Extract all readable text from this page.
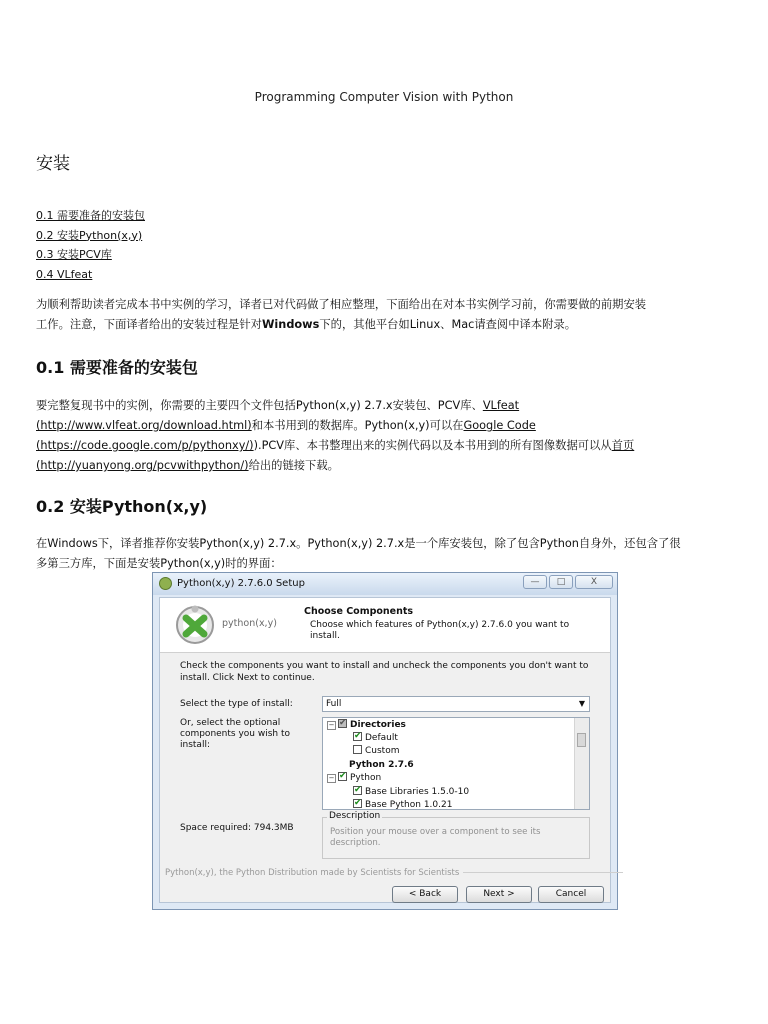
Programming Computer Vision with Python
安装
0.1 需要准备的安装包
0.2 安装Python(x,y)
0.3 安装PCV库
0.4 VLfeat
为顺利帮助读者完成本书中实例的学习，译者已对代码做了相应整理，下面给出在对本书实例学习前，你需要做的前期安装
工作。注意，下面译者给出的安装过程是针对Windows下的，其他平台如Linux、Mac请查阅中译本附录。
0.1 需要准备的安装包
要完整复现书中的实例，你需要的主要四个文件包括Python(x,y) 2.7.x安装包、PCV库、VLfeat
(http://www.vlfeat.org/download.html)和本书用到的数据库。Python(x,y)可以在Google Code
(https://code.google.com/p/pythonxy/)).PCV库、本书整理出来的实例代码以及本书用到的所有图像数据可以从首页
(http://yuanyong.org/pcvwithpython/)给出的链接下载。
0.2 安装Python(x,y)
在Windows下，译者推荐你安装Python(x,y) 2.7.x。Python(x,y) 2.7.x是一个库安装包，除了包含Python自身外，还包含了很
多第三方库，下面是安装Python(x,y)时的界面：
Python(x,y) 2.7.6.0 Setup	—	□	X
python(x,y)
Choose Components
Choose which features of Python(x,y) 2.7.6.0 you want to install.
Check the components you want to install and uncheck the components you don't want to install. Click Next to continue.
Select the type of install:	Full	▼
Or, select the optional components you wish to install:
− ✔ Directories
✔Default
Custom
Python 2.7.6
− ✔ Python
✔Base Libraries 1.5.0-10
✔Base Python 1.0.21
Space required: 794.3MB
Description
Position your mouse over a component to see its description.
Python(x,y), the Python Distribution made by Scientists for Scientists
< Back	Next >	Cancel
